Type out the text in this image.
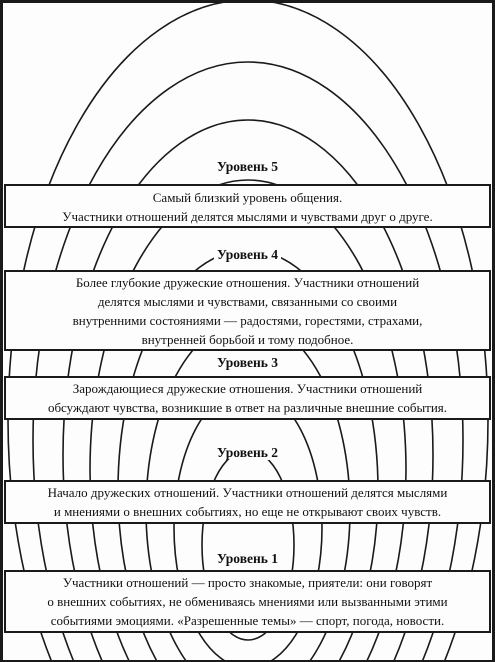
Уровень 5

Самый близкий уровень общения.
Участники отношений делятся мыслями и чувствами друг о друге.

Уровень 4

Более глубокие дружеские отношения. Участники отношений
делятся мыслями и чувствами, связанными со своими
внутренними состояниями — радостями, горестями, страхами,
внутренней борьбой и тому подобное.

Уровень 3

Зарождающиеся дружеские отношения. Участники отношений
обсуждают чувства, возникшие в ответ на различные внешние события.

Уровень 2

Начало дружеских отношений. Участники отношений делятся мыслями
и мнениями о внешних событиях, но еще не открывают своих чувств.

Уровень 1

Участники отношений — просто знакомые, приятели: они говорят
о внешних событиях, не обмениваясь мнениями или вызванными этими
событиями эмоциями. «Разрешенные темы» — спорт, погода, новости.
